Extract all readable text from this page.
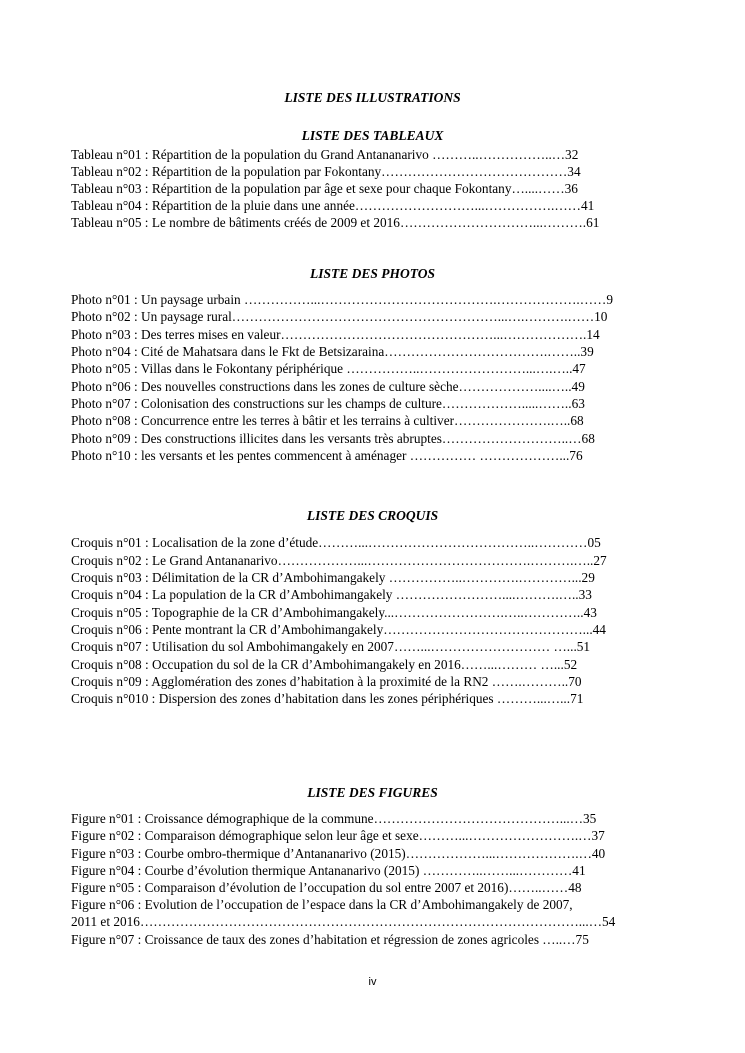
LISTE DES ILLUSTRATIONS
LISTE DES TABLEAUX
Tableau n°01 : Répartition de la population du Grand Antananarivo ………..……………..…32
Tableau n°02 : Répartition de la population par Fokontany……………………………………34
Tableau n°03 : Répartition de la population par âge et sexe pour chaque Fokontany…....……36
Tableau n°04 : Répartition de la pluie dans une année………………………...…………….……41
Tableau n°05 : Le nombre de bâtiments créés de 2009 et 2016…………………………...……….61
LISTE DES PHOTOS
Photo n°01 : Un paysage urbain ……………...………………………………….……………….……9
Photo n°02 : Un paysage rural……………………………………………………...….……….……10
Photo n°03 : Des terres mises en valeur…………………………………………...……………….14
Photo n°04 : Cité de Mahatsara dans le Fkt de Betsizaraina……………………………….……..39
Photo n°05 : Villas dans le Fokontany périphérique ……………..……………………...….…..47
Photo n°06 : Des nouvelles constructions dans les zones de culture sèche………………....…..49
Photo n°07 : Colonisation des constructions sur les champs de culture……………….....……..63
Photo n°08 : Concurrence entre les terres à bâtir et les terrains à cultiver………………….…..68
Photo n°09 : Des constructions illicites dans les versants très abruptes………………………..…68
Photo n°10 : les versants et les pentes commencent à aménager …………… ………………...76
LISTE DES CROQUIS
Croquis n°01 : Localisation de la zone d’étude………...………………………………..…………05
Croquis n°02 : Le Grand Antananarivo………………...……………………………….……….…..27
Croquis n°03 : Délimitation de la CR d’Ambohimangakely ……………..………….…………...29
Croquis n°04 : La population de la CR d’Ambohimangakely ……………………....……….…..33
Croquis n°05 : Topographie de la CR d’Ambohimangakely...…………………….…..…………..43
Croquis n°06 : Pente montrant la CR d’Ambohimangakely………………………………………...44
Croquis n°07 : Utilisation du sol Ambohimangakely en 2007……...……………………… …...51
Croquis n°08 : Occupation du sol de la CR d’Ambohimangakely en 2016……...……… …...52
Croquis n°09 : Agglomération des zones d’habitation à la proximité de la RN2 …….………..70
Croquis n°010 : Dispersion des zones d’habitation dans les zones périphériques ………...…...71
LISTE DES FIGURES
Figure n°01 : Croissance démographique de la commune……………………………………...…35
Figure n°02 : Comparaison démographique selon leur âge et sexe………...…………………….…37
Figure n°03 : Courbe ombro-thermique d’Antananarivo (2015)………………...……………….…40
Figure n°04 : Courbe d’évolution thermique Antananarivo (2015) …………..……...…………41
Figure n°05 : Comparaison d’évolution de l’occupation du sol entre 2007 et 2016)……..……48
Figure n°06 : Evolution de l’occupation de l’espace dans la CR d’Ambohimangakely de 2007,
2011 et 2016………………………………………………………………………………………...…54
Figure n°07 : Croissance de taux des zones d’habitation et régression de zones agricoles …..…75
iv
